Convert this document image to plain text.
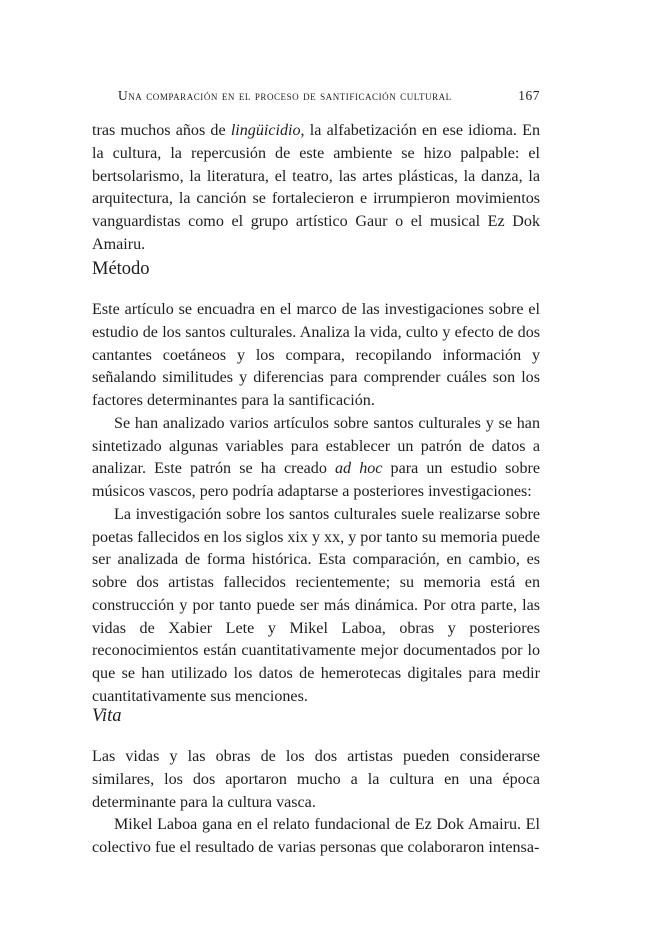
Una comparación en el proceso de santificación cultural	167

tras muchos años de lingüicidio, la alfabetización en ese idioma. En la cultura, la repercusión de este ambiente se hizo palpable: el bertsolarismo, la literatura, el teatro, las artes plásticas, la danza, la arquitectura, la canción se fortalecieron e irrumpieron movimientos vanguardistas como el grupo artístico Gaur o el musical Ez Dok Amairu.

Método

Este artículo se encuadra en el marco de las investigaciones sobre el estudio de los santos culturales. Analiza la vida, culto y efecto de dos cantantes coetáneos y los compara, recopilando información y señalando similitudes y diferencias para comprender cuáles son los factores determinantes para la santificación.

Se han analizado varios artículos sobre santos culturales y se han sintetizado algunas variables para establecer un patrón de datos a analizar. Este patrón se ha creado ad hoc para un estudio sobre músicos vascos, pero podría adaptarse a posteriores investigaciones:

La investigación sobre los santos culturales suele realizarse sobre poetas fallecidos en los siglos xix y xx, y por tanto su memoria puede ser analizada de forma histórica. Esta comparación, en cambio, es sobre dos artistas fallecidos recientemente; su memoria está en construcción y por tanto puede ser más dinámica. Por otra parte, las vidas de Xabier Lete y Mikel Laboa, obras y posteriores reconocimientos están cuantitativamente mejor documentados por lo que se han utilizado los datos de hemerotecas digitales para medir cuantitativamente sus menciones.

Vita

Las vidas y las obras de los dos artistas pueden considerarse similares, los dos aportaron mucho a la cultura en una época determinante para la cultura vasca.

Mikel Laboa gana en el relato fundacional de Ez Dok Amairu. El colectivo fue el resultado de varias personas que colaboraron intensa-
